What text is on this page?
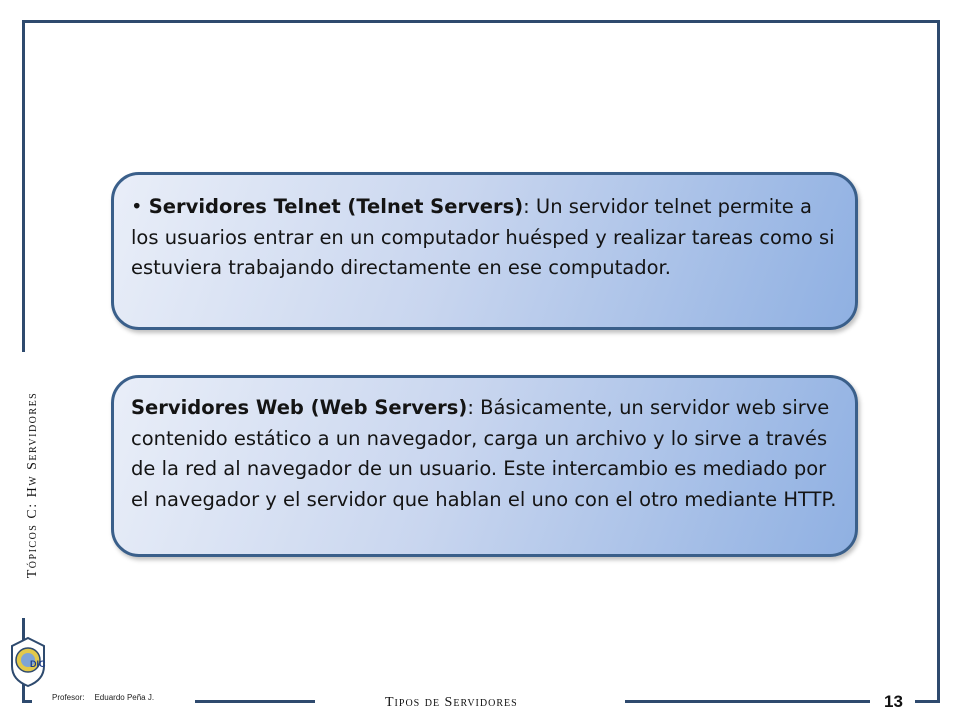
Tópicos C: Hw Servidores
DIC
• Servidores Telnet (Telnet Servers): Un servidor telnet permite a los usuarios entrar en un computador huésped y realizar tareas como si estuviera trabajando directamente en ese computador.
Servidores Web (Web Servers): Básicamente, un servidor web sirve contenido estático a un navegador, carga un archivo y lo sirve a través de la red al navegador de un usuario. Este intercambio es mediado por el navegador y el servidor que hablan el uno con el otro mediante HTTP.
Profesor: Eduardo Peña J.	Tipos de Servidores	13
